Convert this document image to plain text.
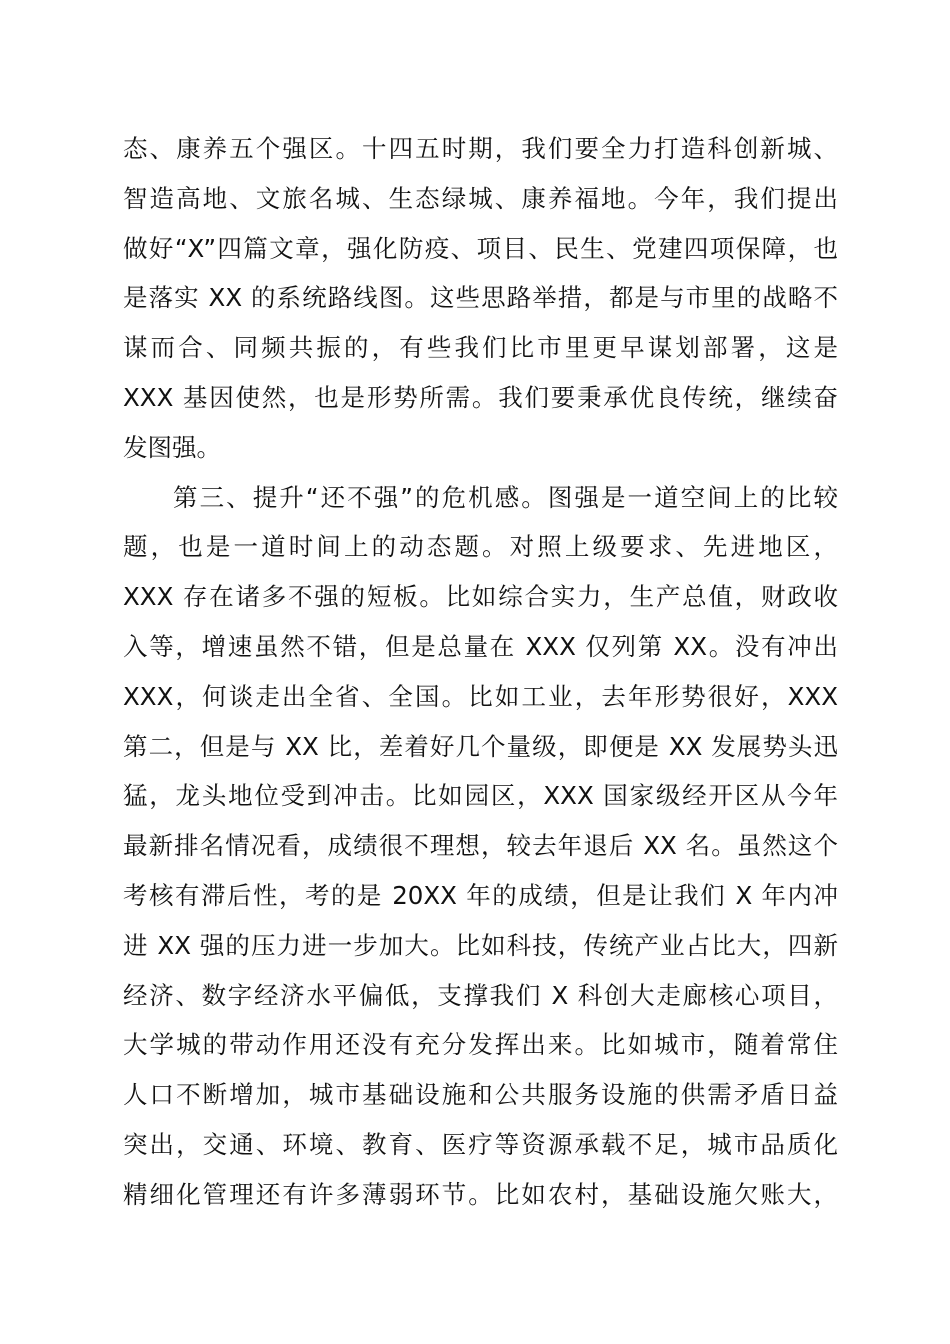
态、康养五个强区。十四五时期，我们要全力打造科创新城、
智造高地、文旅名城、生态绿城、康养福地。今年，我们提出
做好“X”四篇文章，强化防疫、项目、民生、党建四项保障，也
是落实 XX 的系统路线图。这些思路举措，都是与市里的战略不
谋而合、同频共振的，有些我们比市里更早谋划部署，这是
XXX 基因使然，也是形势所需。我们要秉承优良传统，继续奋
发图强。
第三、提升“还不强”的危机感。图强是一道空间上的比较
题，也是一道时间上的动态题。对照上级要求、先进地区，
XXX 存在诸多不强的短板。比如综合实力，生产总值，财政收
入等，增速虽然不错，但是总量在 XXX 仅列第 XX。没有冲出
XXX，何谈走出全省、全国。比如工业，去年形势很好，XXX
第二，但是与 XX 比，差着好几个量级，即便是 XX 发展势头迅
猛，龙头地位受到冲击。比如园区，XXX 国家级经开区从今年
最新排名情况看，成绩很不理想，较去年退后 XX 名。虽然这个
考核有滞后性，考的是 20XX 年的成绩，但是让我们 X 年内冲
进 XX 强的压力进一步加大。比如科技，传统产业占比大，四新
经济、数字经济水平偏低，支撑我们 X 科创大走廊核心项目，
大学城的带动作用还没有充分发挥出来。比如城市，随着常住
人口不断增加，城市基础设施和公共服务设施的供需矛盾日益
突出，交通、环境、教育、医疗等资源承载不足，城市品质化
精细化管理还有许多薄弱环节。比如农村，基础设施欠账大，
